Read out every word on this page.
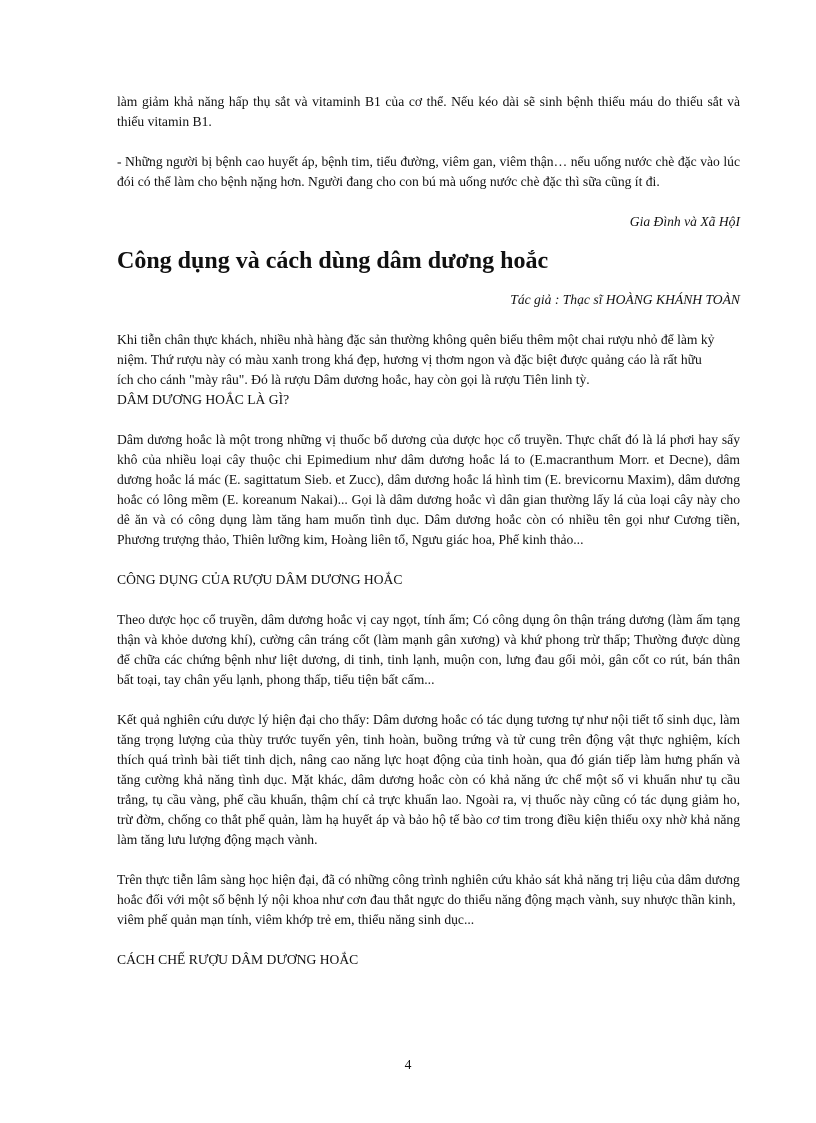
làm giảm khả năng hấp thụ sắt và vitaminh B1 của cơ thể. Nếu kéo dài sẽ sinh bệnh thiếu máu do thiếu sắt và thiếu vitamin B1.

- Những người bị bệnh cao huyết áp, bệnh tim, tiểu đường, viêm gan, viêm thận… nếu uống nước chè đặc vào lúc đói có thể làm cho bệnh nặng hơn. Người đang cho con bú mà uống nước chè đặc thì sữa cũng ít đi.

Gia Đình và Xã HộI

Công dụng và cách dùng dâm dương hoắc

Tác giả : Thạc sĩ HOÀNG KHÁNH TOÀN

Khi tiễn chân thực khách, nhiều nhà hàng đặc sản thường không quên biếu thêm một chai rượu nhỏ để làm kỷ niệm. Thứ rượu này có màu xanh trong khá đẹp, hương vị thơm ngon và đặc biệt được quảng cáo là rất hữu ích cho cánh "mày râu". Đó là rượu Dâm dương hoắc, hay còn gọi là rượu Tiên linh tỳ.

DÂM DƯƠNG HOẮC LÀ GÌ?

Dâm dương hoắc là một trong những vị thuốc bổ dương của dược học cổ truyền. Thực chất đó là lá phơi hay sấy khô của nhiều loại cây thuộc chi Epimedium như dâm dương hoắc lá to (E.macranthum Morr. et Decne), dâm dương hoắc lá mác (E. sagittatum Sieb. et Zucc), dâm dương hoắc lá hình tim (E. brevicornu Maxim), dâm dương hoắc có lông mềm (E. koreanum Nakai)... Gọi là dâm dương hoắc vì dân gian thường lấy lá của loại cây này cho dê ăn và có công dụng làm tăng ham muốn tình dục. Dâm dương hoắc còn có nhiều tên gọi như Cương tiền, Phương trượng thảo, Thiên lưỡng kim, Hoàng liên tổ, Ngưu giác hoa, Phế kinh thảo...

CÔNG DỤNG CỦA RƯỢU DÂM DƯƠNG HOẮC

Theo dược học cổ truyền, dâm dương hoắc vị cay ngọt, tính ấm; Có công dụng ôn thận tráng dương (làm ấm tạng thận và khỏe dương khí), cường cân tráng cốt (làm mạnh gân xương) và khứ phong trừ thấp; Thường được dùng để chữa các chứng bệnh như liệt dương, di tinh, tinh lạnh, muộn con, lưng đau gối mỏi, gân cốt co rút, bán thân bất toại, tay chân yếu lạnh, phong thấp, tiểu tiện bất cấm...

Kết quả nghiên cứu dược lý hiện đại cho thấy: Dâm dương hoắc có tác dụng tương tự như nội tiết tố sinh dục, làm tăng trọng lượng của thùy trước tuyến yên, tinh hoàn, buồng trứng và tử cung trên động vật thực nghiệm, kích thích quá trình bài tiết tinh dịch, nâng cao năng lực hoạt động của tinh hoàn, qua đó gián tiếp làm hưng phấn và tăng cường khả năng tình dục. Mặt khác, dâm dương hoắc còn có khả năng ức chế một số vi khuẩn như tụ cầu trắng, tụ cầu vàng, phế cầu khuẩn, thậm chí cả trực khuẩn lao. Ngoài ra, vị thuốc này cũng có tác dụng giảm ho, trừ đờm, chống co thắt phế quản, làm hạ huyết áp và bảo hộ tế bào cơ tim trong điều kiện thiếu oxy nhờ khả năng làm tăng lưu lượng động mạch vành.

Trên thực tiễn lâm sàng học hiện đại, đã có những công trình nghiên cứu khảo sát khả năng trị liệu của dâm dương hoắc đối với một số bệnh lý nội khoa như cơn đau thắt ngực do thiểu năng động mạch vành, suy nhược thần kinh, viêm phế quản mạn tính, viêm khớp trẻ em, thiểu năng sinh dục...

CÁCH CHẾ RƯỢU DÂM DƯƠNG HOẮC

4
